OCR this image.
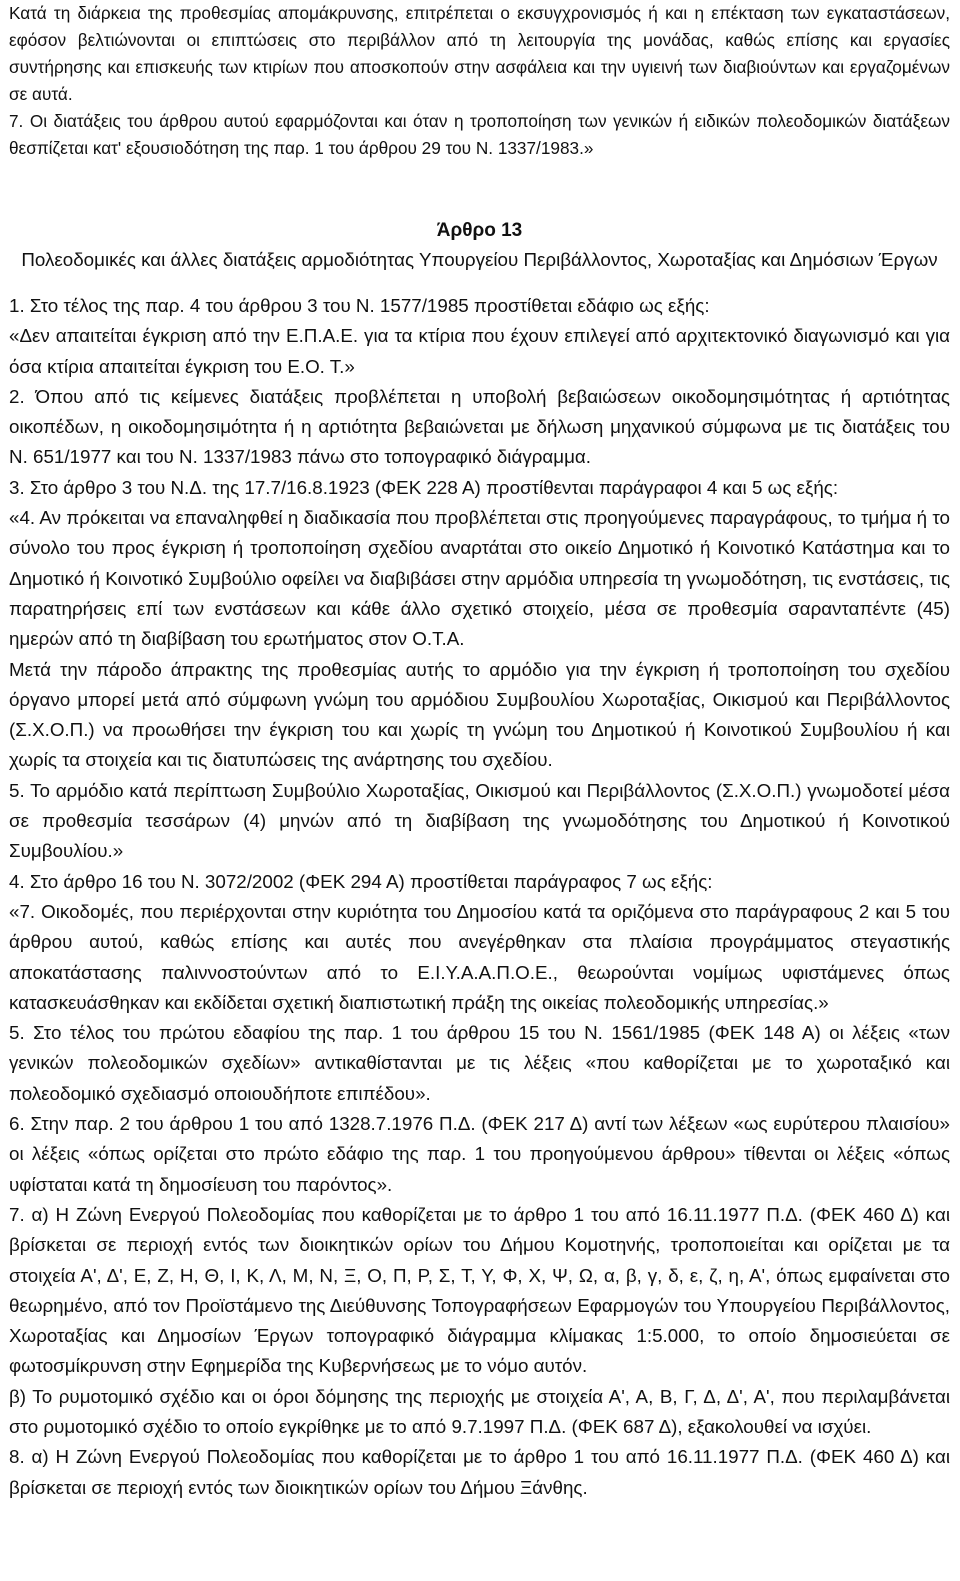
Κατά τη διάρκεια της προθεσμίας απομάκρυνσης, επιτρέπεται ο εκσυγχρονισμός ή και η επέκταση των εγκαταστάσεων, εφόσον βελτιώνονται οι επιπτώσεις στο περιβάλλον από τη λειτουργία της μονάδας, καθώς επίσης και εργασίες συντήρησης και επισκευής των κτιρίων που αποσκοπούν στην ασφάλεια και την υγιεινή των διαβιούντων και εργαζομένων σε αυτά.

7. Οι διατάξεις του άρθρου αυτού εφαρμόζονται και όταν η τροποποίηση των γενικών ή ειδικών πολεοδομικών διατάξεων θεσπίζεται κατ' εξουσιοδότηση της παρ. 1 του άρθρου 29 του Ν. 1337/1983.»

Άρθρο 13

Πολεοδομικές και άλλες διατάξεις αρμοδιότητας Υπουργείου Περιβάλλοντος, Χωροταξίας και Δημόσιων Έργων

1. Στο τέλος της παρ. 4 του άρθρου 3 του Ν. 1577/1985 προστίθεται εδάφιο ως εξής:

«Δεν απαιτείται έγκριση από την Ε.Π.Α.Ε. για τα κτίρια που έχουν επιλεγεί από αρχιτεκτονικό διαγωνισμό και για όσα κτίρια απαιτείται έγκριση του Ε.Ο. Τ.»

2. Όπου από τις κείμενες διατάξεις προβλέπεται η υποβολή βεβαιώσεων οικοδομησιμότητας ή αρτιότητας οικοπέδων, η οικοδομησιμότητα ή η αρτιότητα βεβαιώνεται με δήλωση μηχανικού σύμφωνα με τις διατάξεις του Ν. 651/1977 και του Ν. 1337/1983 πάνω στο τοπογραφικό διάγραμμα.

3. Στο άρθρο 3 του Ν.Δ. της 17.7/16.8.1923 (ΦΕΚ 228 Α) προστίθενται παράγραφοι 4 και 5 ως εξής:

«4. Αν πρόκειται να επαναληφθεί η διαδικασία που προβλέπεται στις προηγούμενες παραγράφους, το τμήμα ή το σύνολο του προς έγκριση ή τροποποίηση σχεδίου αναρτάται στο οικείο Δημοτικό ή Κοινοτικό Κατάστημα και το Δημοτικό ή Κοινοτικό Συμβούλιο οφείλει να διαβιβάσει στην αρμόδια υπηρεσία τη γνωμοδότηση, τις ενστάσεις, τις παρατηρήσεις επί των ενστάσεων και κάθε άλλο σχετικό στοιχείο, μέσα σε προθεσμία σαρανταπέντε (45) ημερών από τη διαβίβαση του ερωτήματος στον Ο.Τ.Α.

Μετά την πάροδο άπρακτης της προθεσμίας αυτής το αρμόδιο για την έγκριση ή τροποποίηση του σχεδίου όργανο μπορεί μετά από σύμφωνη γνώμη του αρμόδιου Συμβουλίου Χωροταξίας, Οικισμού και Περιβάλλοντος (Σ.Χ.Ο.Π.) να προωθήσει την έγκριση του και χωρίς τη γνώμη του Δημοτικού ή Κοινοτικού Συμβουλίου ή και χωρίς τα στοιχεία και τις διατυπώσεις της ανάρτησης του σχεδίου.

5. Το αρμόδιο κατά περίπτωση Συμβούλιο Χωροταξίας, Οικισμού και Περιβάλλοντος (Σ.Χ.Ο.Π.) γνωμοδοτεί μέσα σε προθεσμία τεσσάρων (4) μηνών από τη διαβίβαση της γνωμοδότησης του Δημοτικού ή Κοινοτικού Συμβουλίου.»

4. Στο άρθρο 16 του Ν. 3072/2002 (ΦΕΚ 294 Α) προστίθεται παράγραφος 7 ως εξής:

«7. Οικοδομές, που περιέρχονται στην κυριότητα του Δημοσίου κατά τα οριζόμενα στο παράγραφους 2 και 5 του άρθρου αυτού, καθώς επίσης και αυτές που ανεγέρθηκαν στα πλαίσια προγράμματος στεγαστικής αποκατάστασης παλιννοστούντων από το Ε.Ι.Υ.Α.Α.Π.Ο.Ε., θεωρούνται νομίμως υφιστάμενες όπως κατασκευάσθηκαν και εκδίδεται σχετική διαπιστωτική πράξη της οικείας πολεοδομικής υπηρεσίας.»

5. Στο τέλος του πρώτου εδαφίου της παρ. 1 του άρθρου 15 του Ν. 1561/1985 (ΦΕΚ 148 Α) οι λέξεις «των γενικών πολεοδομικών σχεδίων» αντικαθίστανται με τις λέξεις «που καθορίζεται με το χωροταξικό και πολεοδομικό σχεδιασμό οποιουδήποτε επιπέδου».

6. Στην παρ. 2 του άρθρου 1 του από 1328.7.1976 Π.Δ. (ΦΕΚ 217 Δ) αντί των λέξεων «ως ευρύτερου πλαισίου» οι λέξεις «όπως ορίζεται στο πρώτο εδάφιο της παρ. 1 του προηγούμενου άρθρου» τίθενται οι λέξεις «όπως υφίσταται κατά τη δημοσίευση του παρόντος».

7. α) Η Ζώνη Ενεργού Πολεοδομίας που καθορίζεται με το άρθρο 1 του από 16.11.1977 Π.Δ. (ΦΕΚ 460 Δ) και βρίσκεται σε περιοχή εντός των διοικητικών ορίων του Δήμου Κομοτηνής, τροποποιείται και ορίζεται με τα στοιχεία Α', Δ', Ε, Ζ, Η, Θ, Ι, Κ, Λ, Μ, Ν, Ξ, Ο, Π, Ρ, Σ, Τ, Υ, Φ, Χ, Ψ, Ω, α, β, γ, δ, ε, ζ, η, Α', όπως εμφαίνεται στο θεωρημένο, από τον Προϊστάμενο της Διεύθυνσης Τοπογραφήσεων Εφαρμογών του Υπουργείου Περιβάλλοντος, Χωροταξίας και Δημοσίων Έργων τοπογραφικό διάγραμμα κλίμακας 1:5.000, το οποίο δημοσιεύεται σε φωτοσμίκρυνση στην Εφημερίδα της Κυβερνήσεως με το νόμο αυτόν.

β) Το ρυμοτομικό σχέδιο και οι όροι δόμησης της περιοχής με στοιχεία Α', Α, Β, Γ, Δ, Δ', Α', που περιλαμβάνεται στο ρυμοτομικό σχέδιο το οποίο εγκρίθηκε με το από 9.7.1997 Π.Δ. (ΦΕΚ 687 Δ), εξακολουθεί να ισχύει.

8. α) Η Ζώνη Ενεργού Πολεοδομίας που καθορίζεται με το άρθρο 1 του από 16.11.1977 Π.Δ. (ΦΕΚ 460 Δ) και βρίσκεται σε περιοχή εντός των διοικητικών ορίων του Δήμου Ξάνθης.
